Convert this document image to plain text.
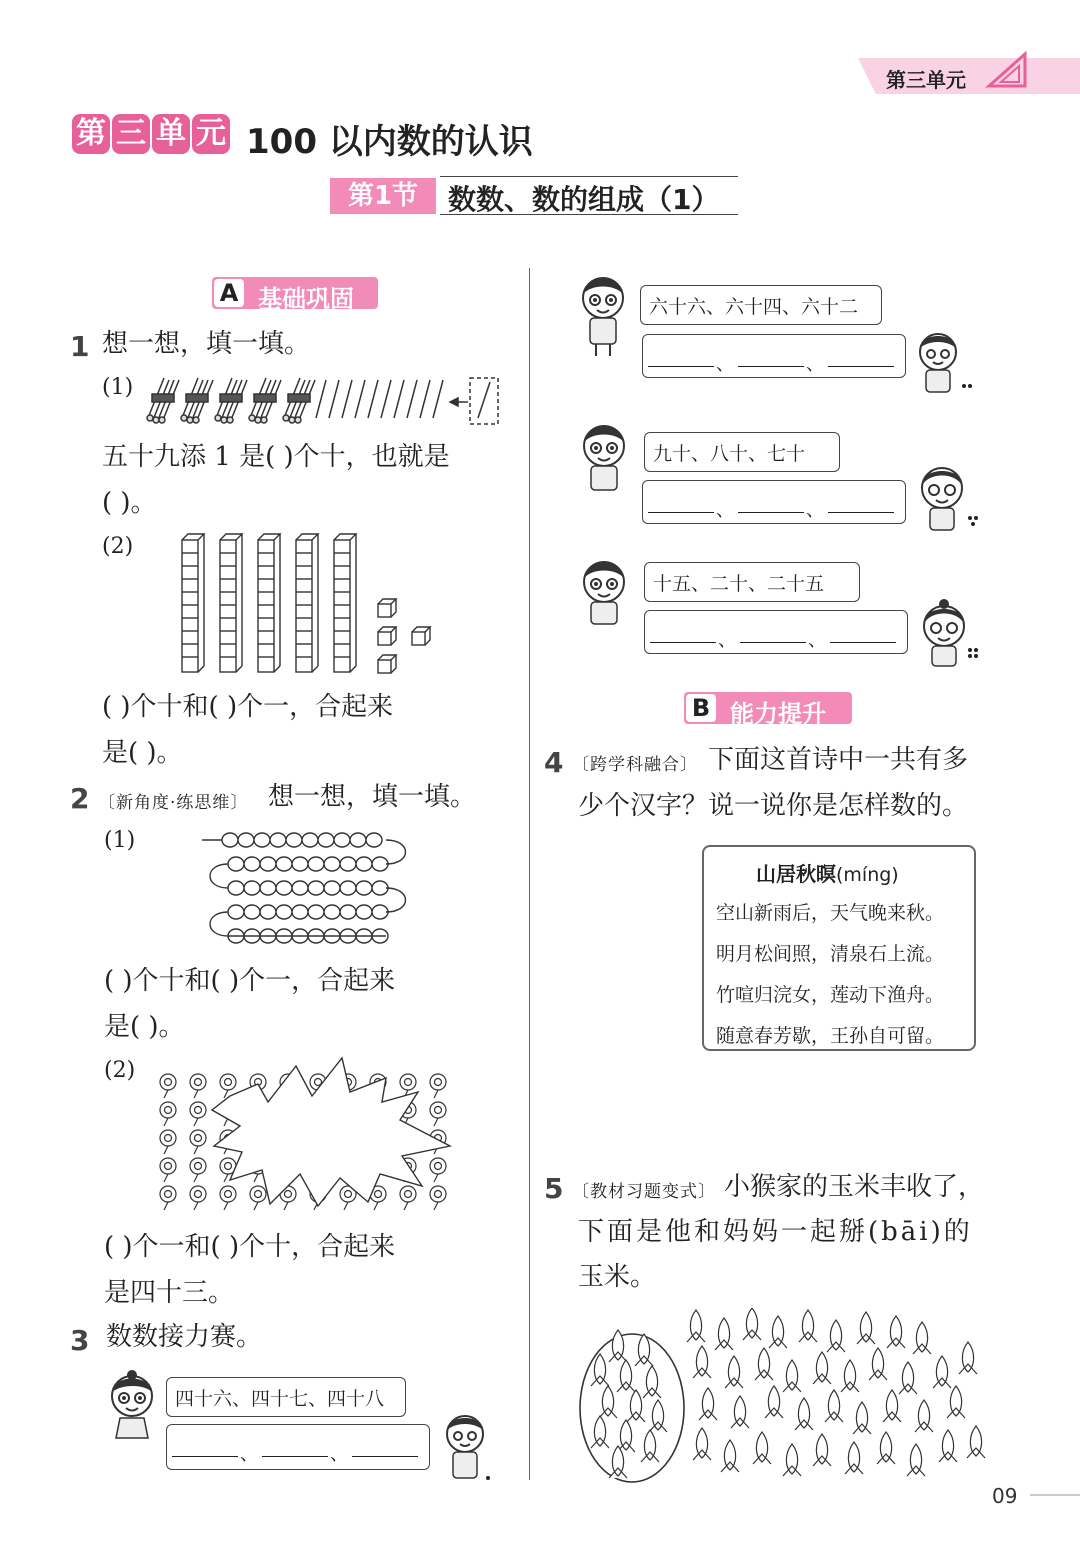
第三单元
第 三 单 元 100 以内数的认识
第1节	数数、数的组成（1）
A 基础巩固
1 想一想，填一填。
(1)
五十九添 1 是( )个十，也就是
( )。
(2)
( )个十和( )个一，合起来
是( )。
2 〔新角度·练思维〕 想一想，填一填。
(1)
( )个十和( )个一，合起来
是( )。
(2)
( )个一和( )个十，合起来
是四十三。
3 数数接力赛。
四十六、四十七、四十八
、	、
六十六、六十四、六十二
、	、
九十、八十、七十
、	、
十五、二十、二十五
、	、
B 能力提升
4 〔跨学科融合〕 下面这首诗中一共有多
少个汉字？说一说你是怎样数的。
山居秋暝(míng)
空山新雨后，天气晚来秋。
明月松间照，清泉石上流。
竹喧归浣女，莲动下渔舟。
随意春芳歇，王孙自可留。
5 〔教材习题变式〕 小猴家的玉米丰收了，
下面是他和妈妈一起掰(bāi)的
玉米。
09
